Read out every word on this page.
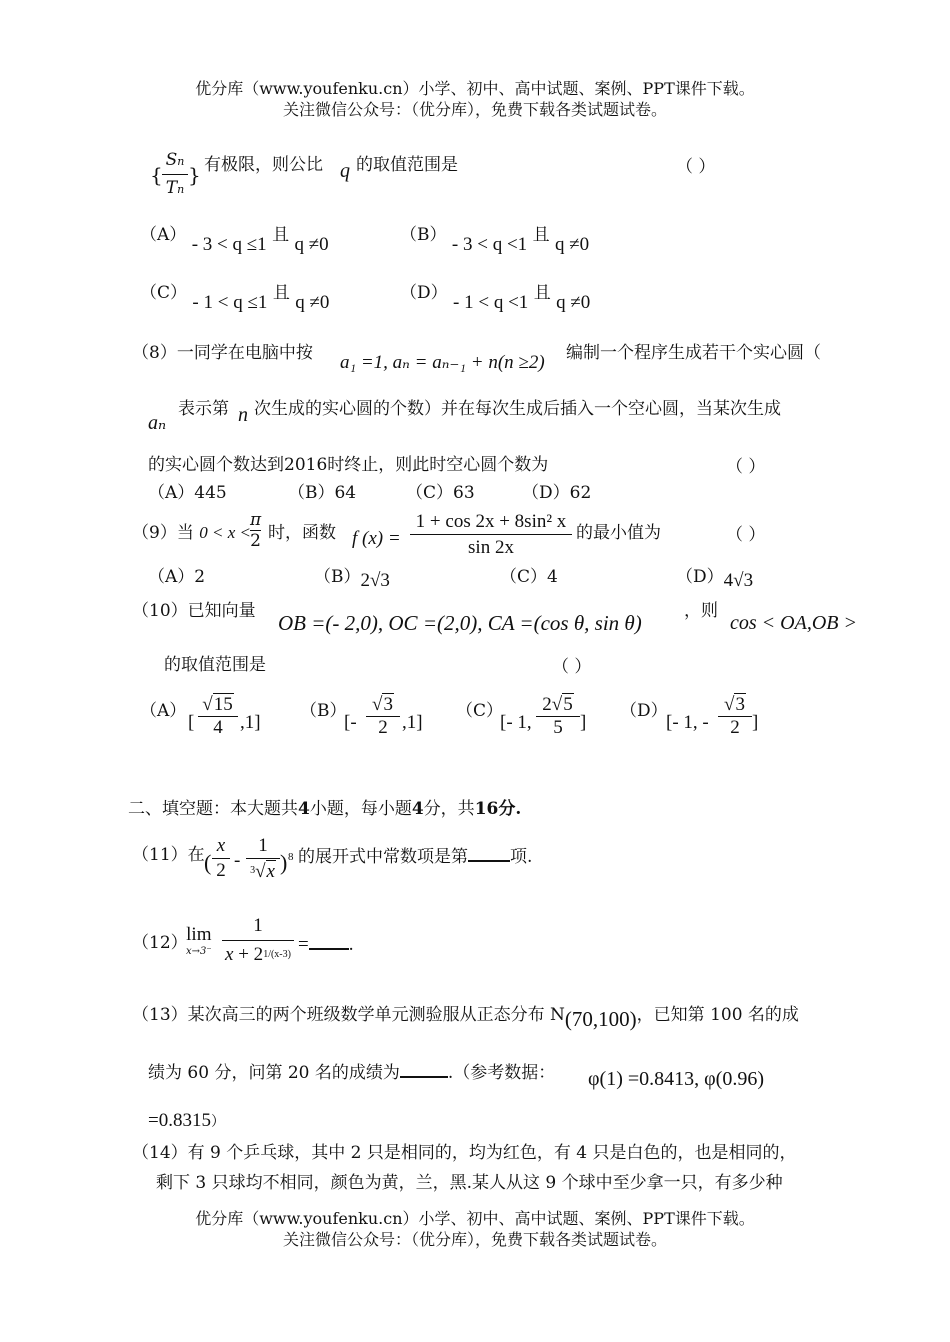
优分库（www.youfenku.cn）小学、初中、高中试题、案例、PPT课件下载。
关注微信公众号：（优分库），免费下载各类试题试卷。
{
Sn
Tn
} 有极限，则公比 q 的取值范围是	（ ）
（A） - 3 < q ≤1 且 q ≠0	（B） - 3 < q <1 且 q ≠0
（C） - 1 < q ≤1 且 q ≠0	（D） - 1 < q <1 且 q ≠0
（8）一同学在电脑中按 a₁ =1, aₙ = aₙ₋₁ + n(n ≥2) 编制一个程序生成若干个实心圆（
aₙ
表示第 n 次生成的实心圆的个数）并在每次生成后插入一个空心圆，当某次生成
的实心圆个数达到2016时终止，则此时空心圆个数为	（ ）
（A）445	（B）64	（C）63	（D）62
（9）当 0 < x <
π
2 时，函数 f (x) =
1 + cos 2x + 8sin² x
sin 2x
的最小值为	（ ）
（A）2	（B）2√3	（C）4	（D）4√3
（10）已知向量 OB =(- 2,0), OC =(2,0), CA =(cos θ, sin θ) ，则
cos < OA,OB >
的取值范围是	（ ）
（A）
[
√15
4 ,1]
（B）
[-
√3
2 ,1]
（C）
[- 1,
2√5
5 ]
（D）
[- 1, -
√3
2 ]
二、填空题：本大题共4小题，每小题4分，共16分.
（11）在 (
x
2 -
1
$^3$√x ) 8 的展开式中常数项是第 项.
（12）
lim
x→3⁻
1
$x + 2^{1/(x-3)}$ = .
（13）某次高三的两个班级数学单元测验服从正态分布 N(70,100)，已知第 100 名的成
绩为 60 分，问第 20 名的成绩为	.（参考数据： φ(1) =0.8413, φ(0.96)
=0.8315）
（14）有 9 个乒乓球，其中 2 只是相同的，均为红色，有 4 只是白色的，也是相同的，
剩下 3 只球均不相同，颜色为黄，兰，黑.某人从这 9 个球中至少拿一只，有多少种
优分库（www.youfenku.cn）小学、初中、高中试题、案例、PPT课件下载。
关注微信公众号：（优分库），免费下载各类试题试卷。
